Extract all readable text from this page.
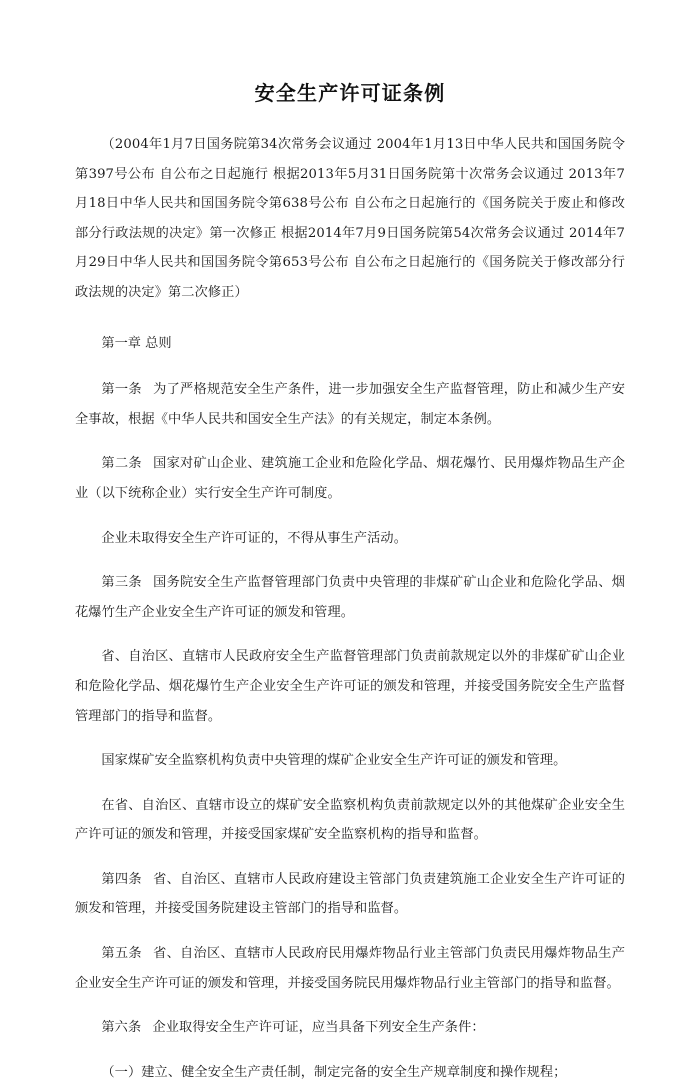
安全生产许可证条例

（2004年1月7日国务院第34次常务会议通过 2004年1月13日中华人民共和国国务院令第397号公布 自公布之日起施行 根据2013年5月31日国务院第十次常务会议通过 2013年7月18日中华人民共和国国务院令第638号公布 自公布之日起施行的《国务院关于废止和修改部分行政法规的决定》第一次修正 根据2014年7月9日国务院第54次常务会议通过 2014年7月29日中华人民共和国国务院令第653号公布 自公布之日起施行的《国务院关于修改部分行政法规的决定》第二次修正）

第一章 总则

第一条 为了严格规范安全生产条件，进一步加强安全生产监督管理，防止和减少生产安全事故，根据《中华人民共和国安全生产法》的有关规定，制定本条例。

第二条 国家对矿山企业、建筑施工企业和危险化学品、烟花爆竹、民用爆炸物品生产企业（以下统称企业）实行安全生产许可制度。

企业未取得安全生产许可证的，不得从事生产活动。

第三条 国务院安全生产监督管理部门负责中央管理的非煤矿矿山企业和危险化学品、烟花爆竹生产企业安全生产许可证的颁发和管理。

省、自治区、直辖市人民政府安全生产监督管理部门负责前款规定以外的非煤矿矿山企业和危险化学品、烟花爆竹生产企业安全生产许可证的颁发和管理，并接受国务院安全生产监督管理部门的指导和监督。

国家煤矿安全监察机构负责中央管理的煤矿企业安全生产许可证的颁发和管理。

在省、自治区、直辖市设立的煤矿安全监察机构负责前款规定以外的其他煤矿企业安全生产许可证的颁发和管理，并接受国家煤矿安全监察机构的指导和监督。

第四条 省、自治区、直辖市人民政府建设主管部门负责建筑施工企业安全生产许可证的颁发和管理，并接受国务院建设主管部门的指导和监督。

第五条 省、自治区、直辖市人民政府民用爆炸物品行业主管部门负责民用爆炸物品生产企业安全生产许可证的颁发和管理，并接受国务院民用爆炸物品行业主管部门的指导和监督。

第六条 企业取得安全生产许可证，应当具备下列安全生产条件：

（一）建立、健全安全生产责任制，制定完备的安全生产规章制度和操作规程；
